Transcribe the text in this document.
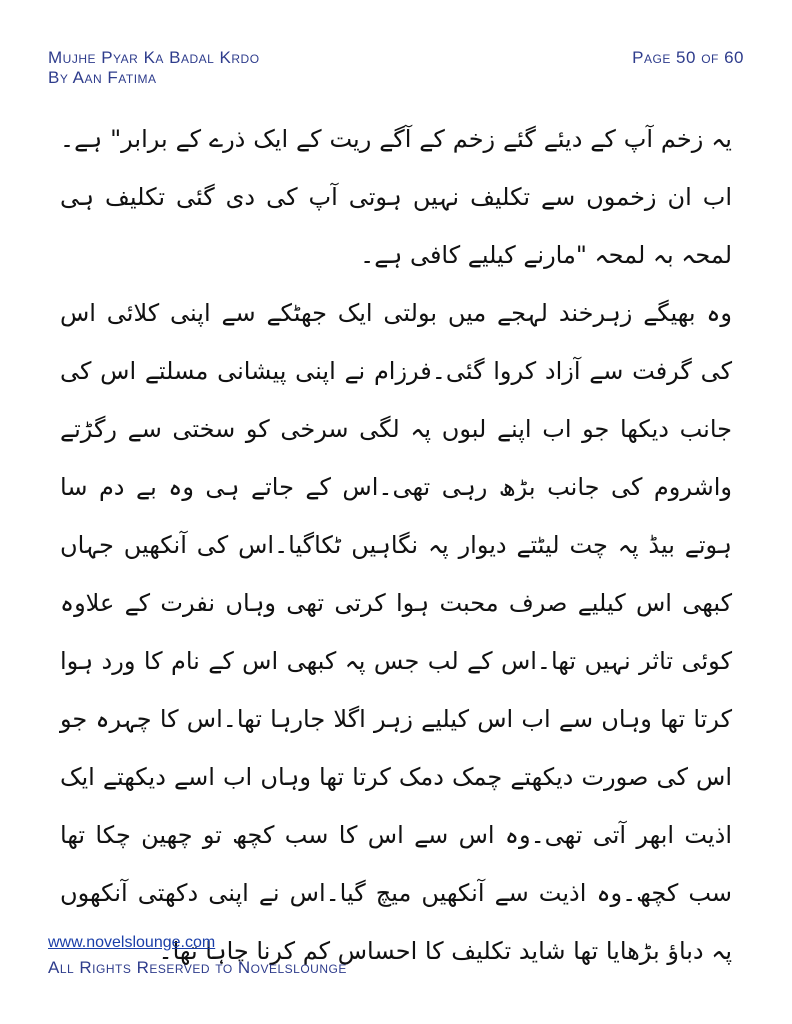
Mujhe Pyar Ka Badal Krdo
By Aan Fatima
Page 50 of 60

یہ زخم آپ کے دیئے گئے زخم کے آگے ریت کے ایک ذرے کے برابر" ہے۔اب ان زخموں سے تکلیف نہیں ہوتی آپ کی دی گئی تکلیف ہی لمحہ بہ لمحہ "مارنے کیلیے کافی ہے۔

وہ بھیگے زہرخند لہجے میں بولتی ایک جھٹکے سے اپنی کلائی اس کی گرفت سے آزاد کروا گئی۔فرزام نے اپنی پیشانی مسلتے اس کی جانب دیکھا جو اب اپنے لبوں پہ لگی سرخی کو سختی سے رگڑتے واشروم کی جانب بڑھ رہی تھی۔اس کے جاتے ہی وہ بے دم سا ہوتے بیڈ پہ چت لیٹتے دیوار پہ نگاہیں ٹکاگیا۔اس کی آنکھیں جہاں کبھی اس کیلیے صرف محبت ہوا کرتی تھی وہاں نفرت کے علاوہ کوئی تاثر نہیں تھا۔اس کے لب جس پہ کبھی اس کے نام کا ورد ہوا کرتا تھا وہاں سے اب اس کیلیے زہر اگلا جارہا تھا۔اس کا چہرہ جو اس کی صورت دیکھتے چمک دمک کرتا تھا وہاں اب اسے دیکھتے ایک اذیت ابھر آتی تھی۔وہ اس سے اس کا سب کچھ تو چھین چکا تھا سب کچھ۔وہ اذیت سے آنکھیں میچ گیا۔اس نے اپنی دکھتی آنکھوں پہ دباؤ بڑھایا تھا شاید تکلیف کا احساس کم کرنا چاہا تھا۔

www.novelslounge.com
All Rights Reserved to Novelslounge
